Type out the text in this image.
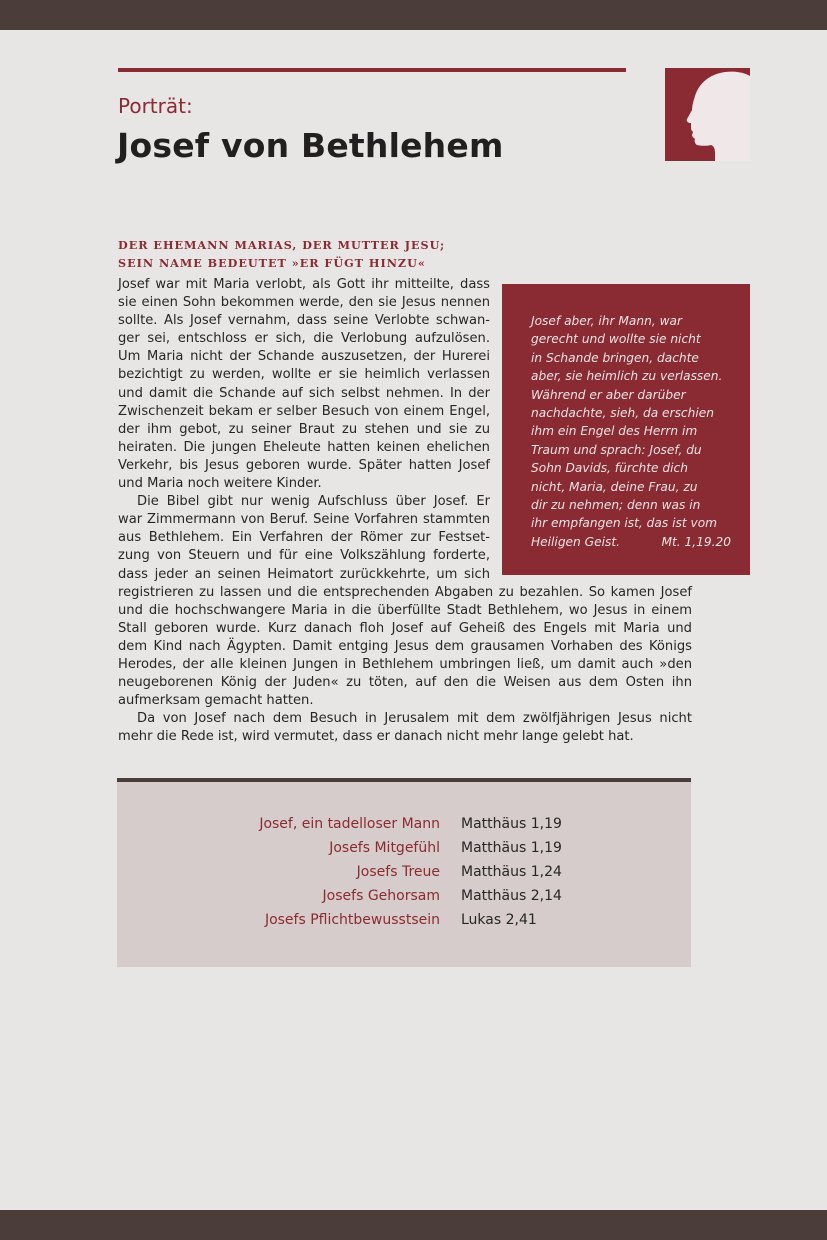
Porträt:
Josef von Bethlehem
DER EHEMANN MARIAS, DER MUTTER JESU;
SEIN NAME BEDEUTET »ER FÜGT HINZU«
Josef war mit Maria verlobt, als Gott ihr mitteilte, dass
sie einen Sohn bekommen werde, den sie Jesus nennen
sollte. Als Josef vernahm, dass seine Verlobte schwan-
ger sei, entschloss er sich, die Verlobung aufzulösen.
Um Maria nicht der Schande auszusetzen, der Hurerei
bezichtigt zu werden, wollte er sie heimlich verlassen
und damit die Schande auf sich selbst nehmen. In der
Zwischenzeit bekam er selber Besuch von einem Engel,
der ihm gebot, zu seiner Braut zu stehen und sie zu
heiraten. Die jungen Eheleute hatten keinen ehelichen
Verkehr, bis Jesus geboren wurde. Später hatten Josef
und Maria noch weitere Kinder.
Die Bibel gibt nur wenig Aufschluss über Josef. Er
war Zimmermann von Beruf. Seine Vorfahren stammten
aus Bethlehem. Ein Verfahren der Römer zur Festset-
zung von Steuern und für eine Volkszählung forderte,
dass jeder an seinen Heimatort zurückkehrte, um sich
registrieren zu lassen und die entsprechenden Abgaben zu bezahlen. So kamen Josef
und die hochschwangere Maria in die überfüllte Stadt Bethlehem, wo Jesus in einem
Stall geboren wurde. Kurz danach floh Josef auf Geheiß des Engels mit Maria und
dem Kind nach Ägypten. Damit entging Jesus dem grausamen Vorhaben des Königs
Herodes, der alle kleinen Jungen in Bethlehem umbringen ließ, um damit auch »den
neugeborenen König der Juden« zu töten, auf den die Weisen aus dem Osten ihn
aufmerksam gemacht hatten.
Da von Josef nach dem Besuch in Jerusalem mit dem zwölfjährigen Jesus nicht
mehr die Rede ist, wird vermutet, dass er danach nicht mehr lange gelebt hat.
Josef aber, ihr Mann, war
gerecht und wollte sie nicht
in Schande bringen, dachte
aber, sie heimlich zu verlassen.
Während er aber darüber
nachdachte, sieh, da erschien
ihm ein Engel des Herrn im
Traum und sprach: Josef, du
Sohn Davids, fürchte dich
nicht, Maria, deine Frau, zu
dir zu nehmen; denn was in
ihr empfangen ist, das ist vom
Heiligen Geist.	Mt. 1,19.20
Josef, ein tadelloser Mann Matthäus 1,19
Josefs Mitgefühl Matthäus 1,19
Josefs Treue Matthäus 1,24
Josefs Gehorsam Matthäus 2,14
Josefs Pflichtbewusstsein Lukas 2,41
